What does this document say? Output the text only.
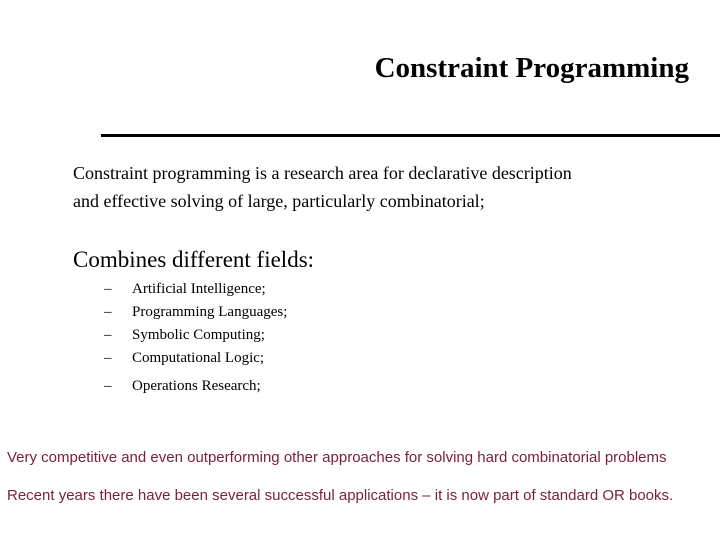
Constraint Programming
Constraint programming is a research area for declarative description
and effective solving of large, particularly combinatorial;
Combines different fields:
– Artificial Intelligence;
– Programming Languages;
– Symbolic Computing;
– Computational Logic;
– Operations Research;
Very competitive and even outperforming other approaches for solving hard combinatorial problems
Recent years there have been several successful applications – it is now part of standard OR books.
